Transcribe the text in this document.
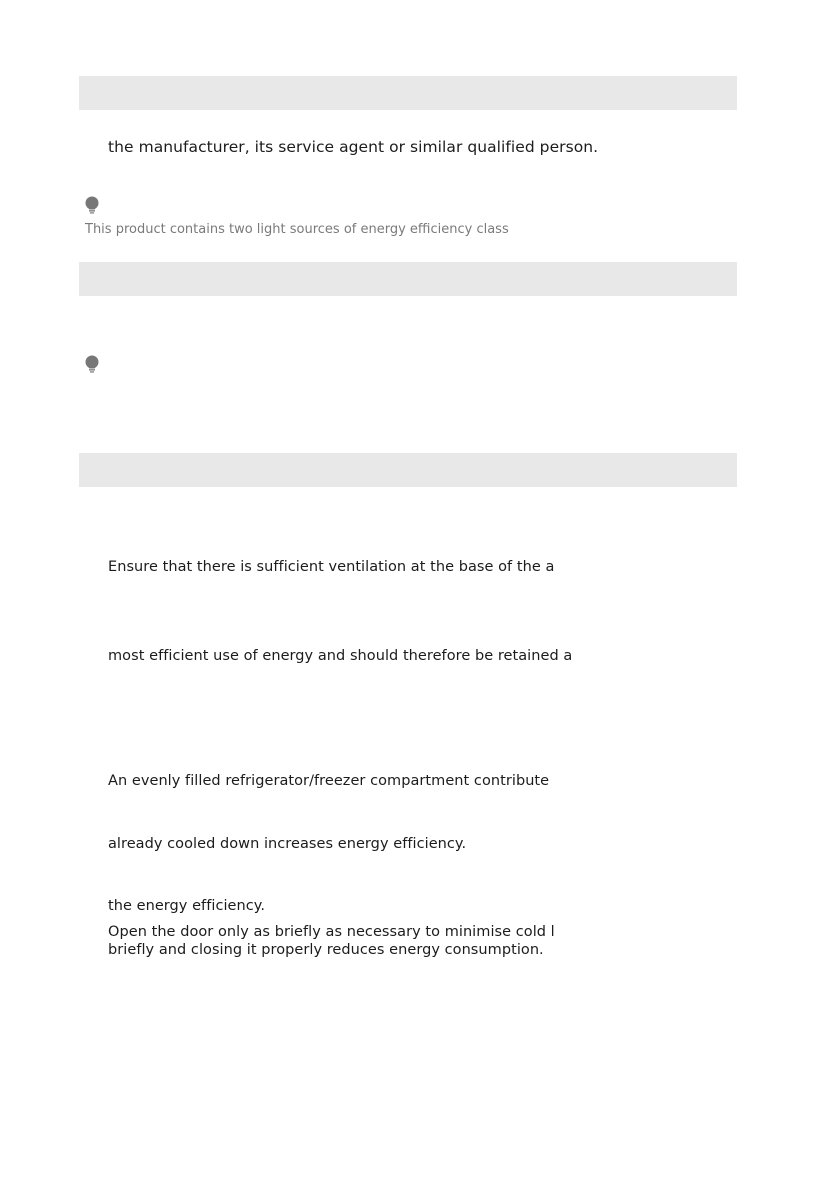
the manufacturer, its service agent or similar qualified person.
This product contains two light sources of energy efficiency class
Ensure that there is sufficient ventilation at the base of the a
most efficient use of energy and should therefore be retained a
An evenly filled refrigerator/freezer compartment contribute
already cooled down increases energy efficiency.
the energy efficiency.
Open the door only as briefly as necessary to minimise cold l
briefly and closing it properly reduces energy consumption.
